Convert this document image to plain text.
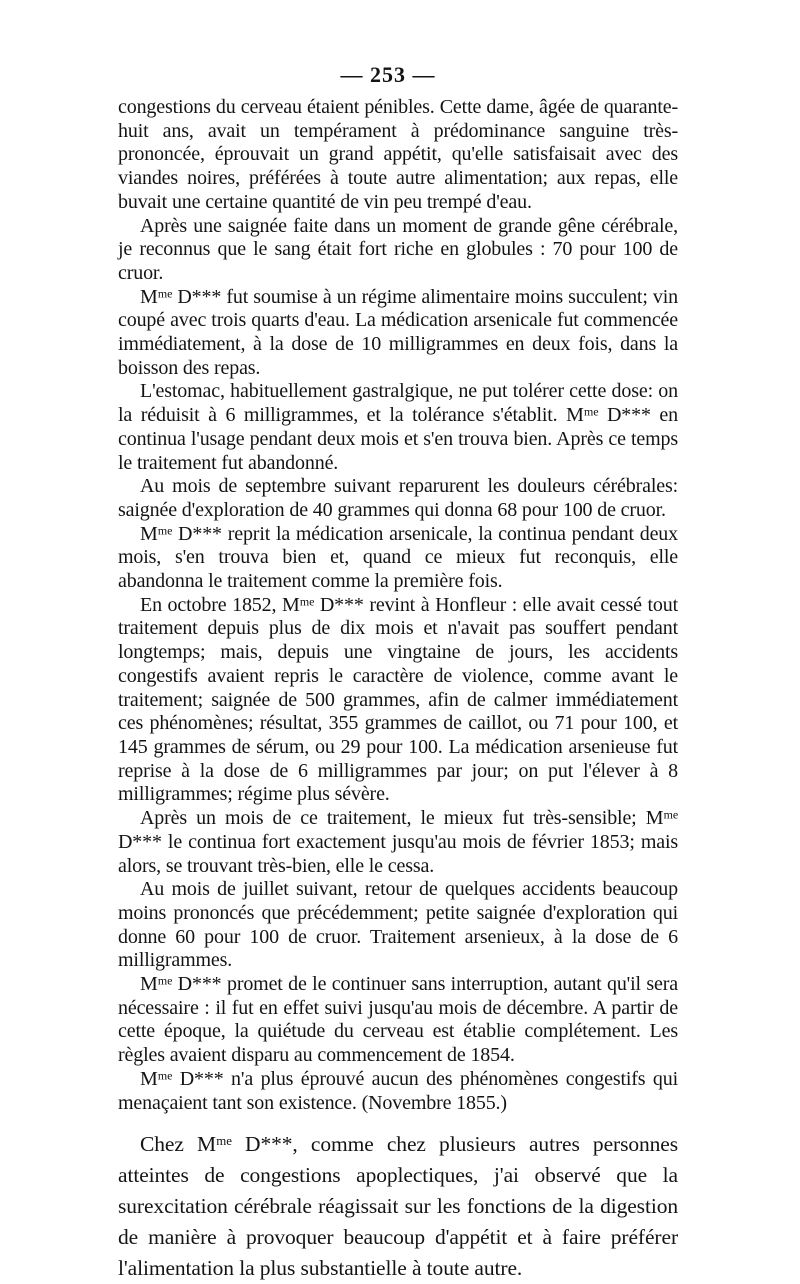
— 253 —

congestions du cerveau étaient pénibles. Cette dame, âgée de quarante-huit ans, avait un tempérament à prédominance sanguine très-prononcée, éprouvait un grand appétit, qu'elle satisfaisait avec des viandes noires, préférées à toute autre alimentation; aux repas, elle buvait une certaine quantité de vin peu trempé d'eau.

Après une saignée faite dans un moment de grande gêne cérébrale, je reconnus que le sang était fort riche en globules : 70 pour 100 de cruor.

Mᵐᵉ D*** fut soumise à un régime alimentaire moins succulent; vin coupé avec trois quarts d'eau. La médication arsenicale fut commencée immédiatement, à la dose de 10 milligrammes en deux fois, dans la boisson des repas.

L'estomac, habituellement gastralgique, ne put tolérer cette dose: on la réduisit à 6 milligrammes, et la tolérance s'établit. Mᵐᵉ D*** en continua l'usage pendant deux mois et s'en trouva bien. Après ce temps le traitement fut abandonné.

Au mois de septembre suivant reparurent les douleurs cérébrales: saignée d'exploration de 40 grammes qui donna 68 pour 100 de cruor.

Mᵐᵉ D*** reprit la médication arsenicale, la continua pendant deux mois, s'en trouva bien et, quand ce mieux fut reconquis, elle abandonna le traitement comme la première fois.

En octobre 1852, Mᵐᵉ D*** revint à Honfleur : elle avait cessé tout traitement depuis plus de dix mois et n'avait pas souffert pendant longtemps; mais, depuis une vingtaine de jours, les accidents congestifs avaient repris le caractère de violence, comme avant le traitement; saignée de 500 grammes, afin de calmer immédiatement ces phénomènes; résultat, 355 grammes de caillot, ou 71 pour 100, et 145 grammes de sérum, ou 29 pour 100. La médication arsenieuse fut reprise à la dose de 6 milligrammes par jour; on put l'élever à 8 milligrammes; régime plus sévère.

Après un mois de ce traitement, le mieux fut très-sensible; Mᵐᵉ D*** le continua fort exactement jusqu'au mois de février 1853; mais alors, se trouvant très-bien, elle le cessa.

Au mois de juillet suivant, retour de quelques accidents beaucoup moins prononcés que précédemment; petite saignée d'exploration qui donne 60 pour 100 de cruor. Traitement arsenieux, à la dose de 6 milligrammes.

Mᵐᵉ D*** promet de le continuer sans interruption, autant qu'il sera nécessaire : il fut en effet suivi jusqu'au mois de décembre. A partir de cette époque, la quiétude du cerveau est établie complétement. Les règles avaient disparu au commencement de 1854.

Mᵐᵉ D*** n'a plus éprouvé aucun des phénomènes congestifs qui menaçaient tant son existence. (Novembre 1855.)

Chez Mᵐᵉ D***, comme chez plusieurs autres personnes atteintes de congestions apoplectiques, j'ai observé que la surexcitation cérébrale réagissait sur les fonctions de la digestion de manière à provoquer beaucoup d'appétit et à faire préférer l'alimentation la plus substantielle à toute autre.
